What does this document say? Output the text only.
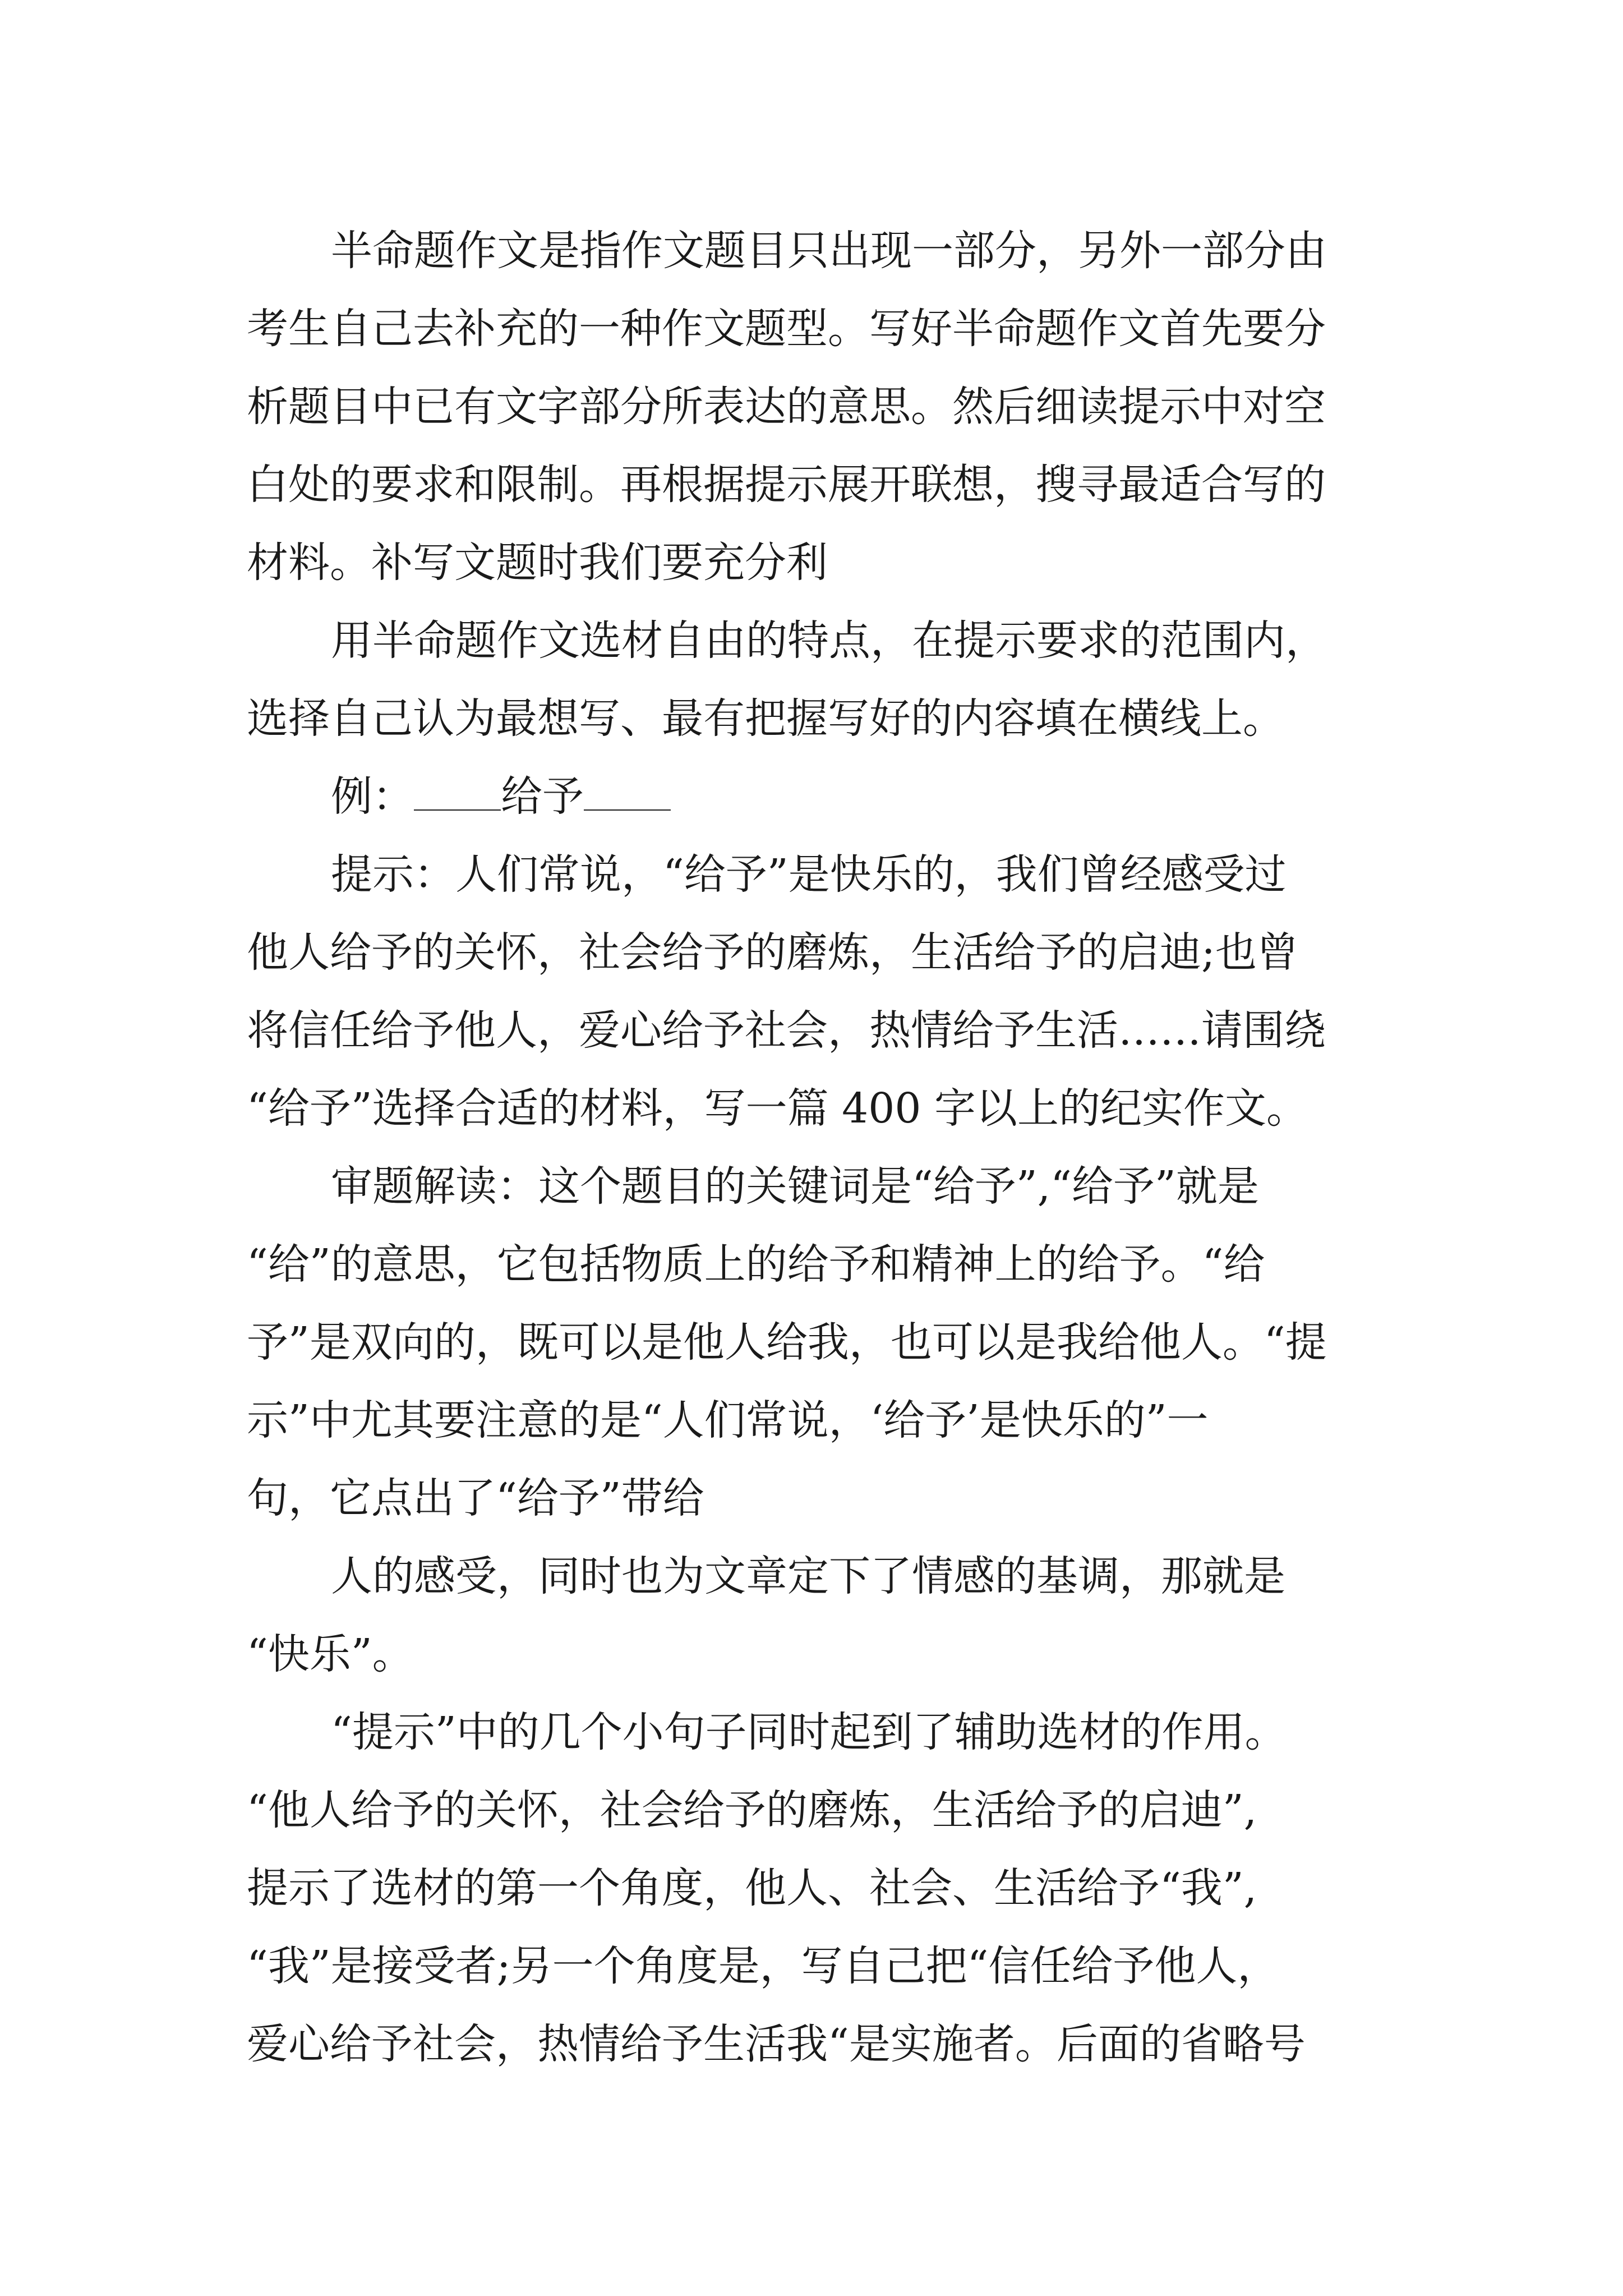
半命题作文是指作文题目只出现一部分，另外一部分由
考生自己去补充的一种作文题型。写好半命题作文首先要分
析题目中已有文字部分所表达的意思。然后细读提示中对空
白处的要求和限制。再根据提示展开联想，搜寻最适合写的
材料。补写文题时我们要充分利
用半命题作文选材自由的特点，在提示要求的范围内，
选择自己认为最想写、最有把握写好的内容填在横线上。
例： 给予
提示：人们常说，“给予”是快乐的，我们曾经感受过
他人给予的关怀，社会给予的磨炼，生活给予的启迪;也曾
将信任给予他人，爱心给予社会，热情给予生活……请围绕
“给予”选择合适的材料，写一篇 400 字以上的纪实作文。
审题解读：这个题目的关键词是“给予”,“给予”就是
“给”的意思，它包括物质上的给予和精神上的给予。“给
予”是双向的，既可以是他人给我，也可以是我给他人。“提
示”中尤其要注意的是“人们常说，‘给予’是快乐的”一
句，它点出了“给予”带给
人的感受，同时也为文章定下了情感的基调，那就是
“快乐”。
“提示”中的几个小句子同时起到了辅助选材的作用。
“他人给予的关怀，社会给予的磨炼，生活给予的启迪”,
提示了选材的第一个角度，他人、社会、生活给予“我”,
“我”是接受者;另一个角度是，写自己把“信任给予他人，
爱心给予社会，热情给予生活我“是实施者。后面的省略号
